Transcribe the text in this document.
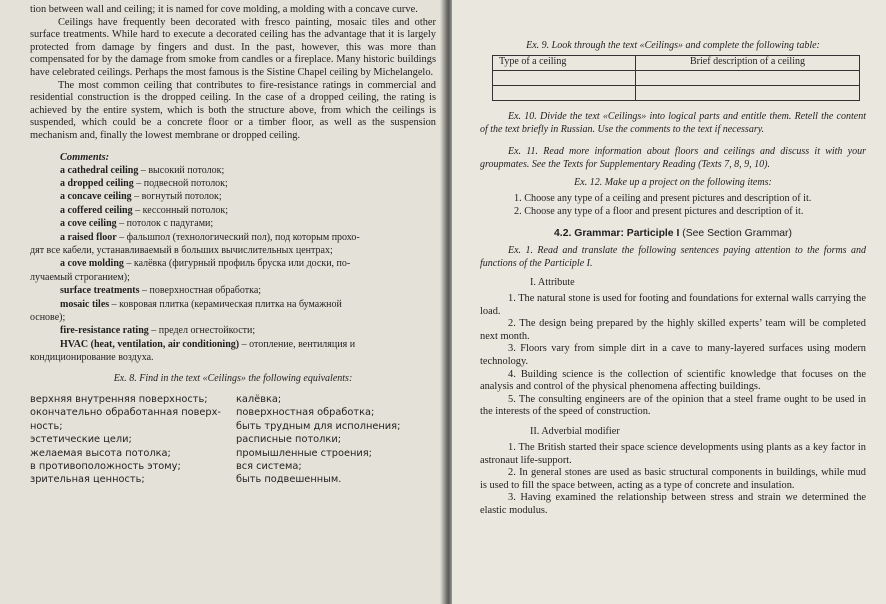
tion between wall and ceiling; it is named for cove molding, a molding with a concave curve.

Ceilings have frequently been decorated with fresco painting, mosaic tiles and other surface treatments. While hard to execute a decorated ceiling has the advantage that it is largely protected from damage by fingers and dust. In the past, however, this was more than compensated for by the damage from smoke from candles or a fireplace. Many historic buildings have celebrated ceilings. Perhaps the most famous is the Sistine Chapel ceiling by Michelangelo.

The most common ceiling that contributes to fire-resistance ratings in commercial and residential construction is the dropped ceiling. In the case of a dropped ceiling, the rating is achieved by the entire system, which is both the structure above, from which the ceilings is suspended, which could be a concrete floor or a timber floor, as well as the suspension mechanism and, finally the lowest membrane or dropped ceiling.

Comments:

a cathedral ceiling – высокий потолок;

a dropped ceiling – подвесной потолок;

a concave ceiling – вогнутый потолок;

a coffered ceiling – кессонный потолок;

a cove ceiling – потолок с падугами;

a raised floor – фальшпол (технологический пол), под которым прохо-

дят все кабели, устанавливаемый в больших вычислительных центрах;

a cove molding – калёвка (фигурный профиль бруска или доски, по-

лучаемый строганием);

surface treatments – поверхностная обработка;

mosaic tiles – ковровая плитка (керамическая плитка на бумажной

основе);

fire-resistance rating – предел огнестойкости;

HVAC (heat, ventilation, air conditioning) – отопление, вентиляция и

кондиционирование воздуха.

Ex. 8. Find in the text «Ceilings» the following equivalents:

верхняя внутренняя поверхность;
окончательно обработанная поверх-
ность;
эстетические цели;
желаемая высота потолка;
в противоположность этому;
зрительная ценность;
калёвка;
поверхностная обработка;
быть трудным для исполнения;
расписные потолки;
промышленные строения;
вся система;
быть подвешенным.

Ex. 9. Look through the text «Ceilings» and complete the following table:

Type of a ceiling	Brief description of a ceiling

Ex. 10. Divide the text «Ceilings» into logical parts and entitle them. Retell the content of the text briefly in Russian. Use the comments to the text if necessary.

Ex. 11. Read more information about floors and ceilings and discuss it with your groupmates. See the Texts for Supplementary Reading (Texts 7, 8, 9, 10).

Ex. 12. Make up a project on the following items:

1. Choose any type of a ceiling and present pictures and description of it.

2. Choose any type of a floor and present pictures and description of it.

4.2. Grammar: Participle I (See Section Grammar)

Ex. 1. Read and translate the following sentences paying attention to the forms and functions of the Participle I.

I. Attribute

1. The natural stone is used for footing and foundations for external walls carrying the load.

2. The design being prepared by the highly skilled experts’ team will be completed next month.

3. Floors vary from simple dirt in a cave to many-layered surfaces using modern technology.

4. Building science is the collection of scientific knowledge that focuses on the analysis and control of the physical phenomena affecting buildings.

5. The consulting engineers are of the opinion that a steel frame ought to be used in the interests of the speed of construction.

II. Adverbial modifier

1. The British started their space science developments using plants as a key factor in astronaut life-support.

2. In general stones are used as basic structural components in buildings, while mud is used to fill the space between, acting as a type of concrete and insulation.

3. Having examined the relationship between stress and strain we determined the elastic modulus.
